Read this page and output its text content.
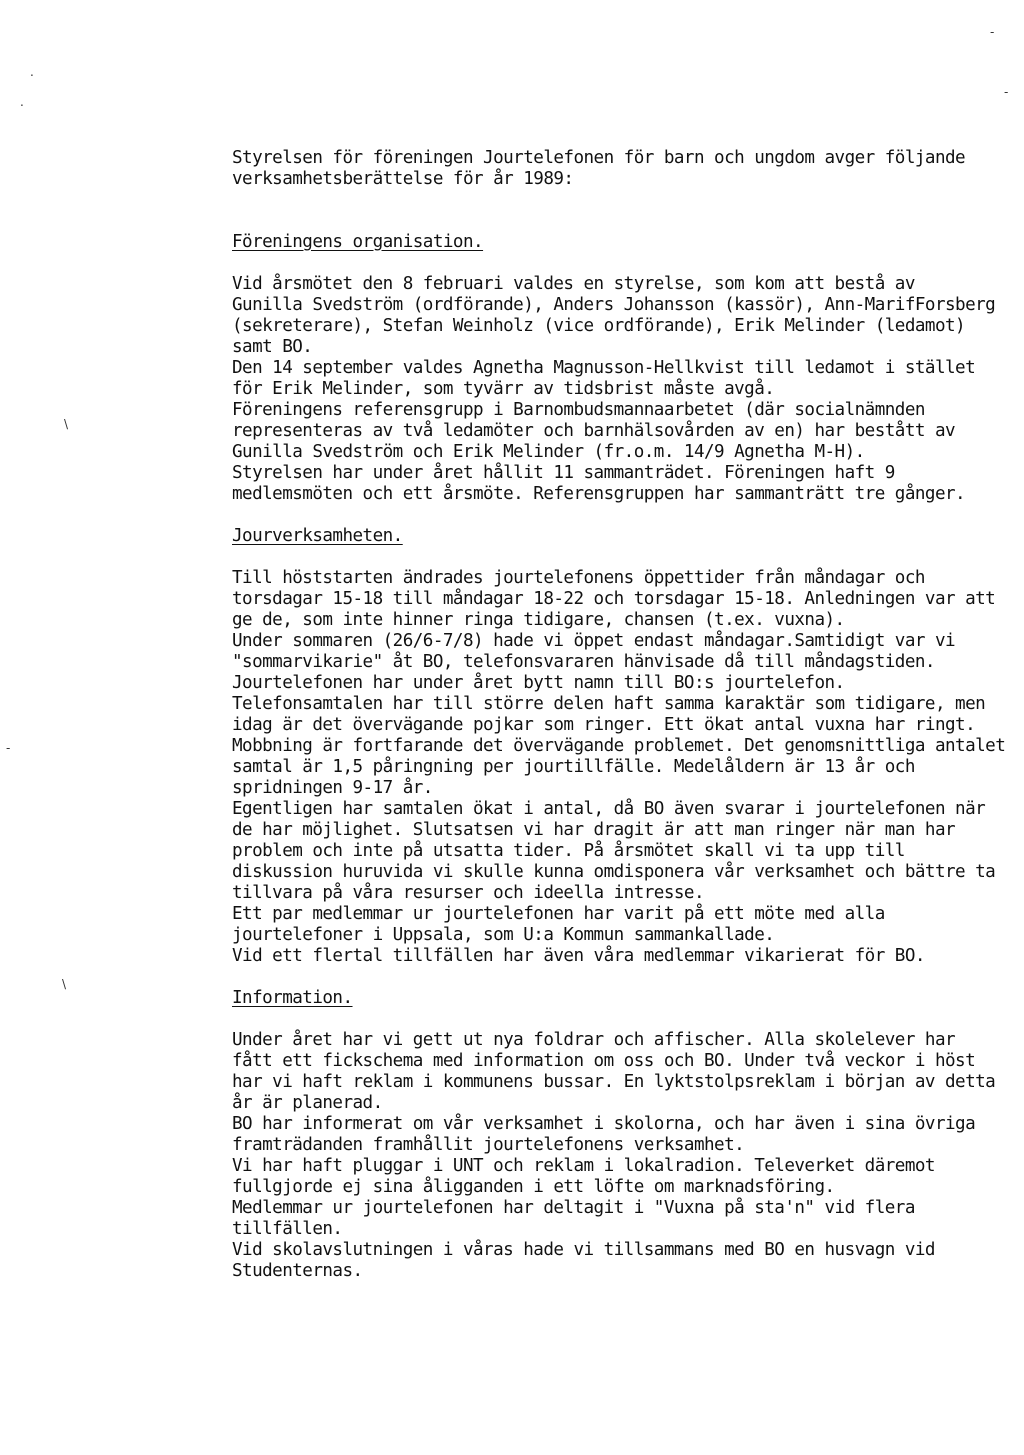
.
.
-
-
\
-
\

Styrelsen för föreningen Jourtelefonen för barn och ungdom avger följande
verksamhetsberättelse för år 1989:

Föreningens organisation.

Vid årsmötet den 8 februari valdes en styrelse, som kom att bestå av
Gunilla Svedström (ordförande), Anders Johansson (kassör), Ann-MarifForsberg (sekreterare), Stefan Weinholz (vice ordförande), Erik Melinder (ledamot) samt BO.

Den 14 september valdes Agnetha Magnusson-Hellkvist till ledamot i stället
för Erik Melinder, som tyvärr av tidsbrist måste avgå.

Föreningens referensgrupp i Barnombudsmannaarbetet (där socialnämnden representeras av två ledamöter och barnhälsovården av en) har bestått av
Gunilla Svedström och Erik Melinder (fr.o.m. 14/9 Agnetha M-H).

Styrelsen har under året hållit 11 sammanträdet. Föreningen haft 9 medlemsmöten och ett årsmöte. Referensgruppen har sammanträtt tre gånger.

Jourverksamheten.

Till höststarten ändrades jourtelefonens öppettider från måndagar och torsdagar 15-18 till måndagar 18-22 och torsdagar 15-18. Anledningen var att
ge de, som inte hinner ringa tidigare, chansen (t.ex. vuxna).

Under sommaren (26/6-7/8) hade vi öppet endast måndagar.Samtidigt var vi
"sommarvikarie" åt BO, telefonsvararen hänvisade då till måndagstiden.

Jourtelefonen har under året bytt namn till BO:s jourtelefon.

Telefonsamtalen har till större delen haft samma karaktär som tidigare, men
idag är det övervägande pojkar som ringer. Ett ökat antal vuxna har ringt.

Mobbning är fortfarande det övervägande problemet. Det genomsnittliga antalet samtal är 1,5 påringning per jourtillfälle. Medelåldern är 13 år och
spridningen 9-17 år.

Egentligen har samtalen ökat i antal, då BO även svarar i jourtelefonen när
de har möjlighet. Slutsatsen vi har dragit är att man ringer när man har
problem och inte på utsatta tider. På årsmötet skall vi ta upp till diskussion huruvida vi skulle kunna omdisponera vår verksamhet och bättre ta
tillvara på våra resurser och ideella intresse.

Ett par medlemmar ur jourtelefonen har varit på ett möte med alla jourtelefoner i Uppsala, som U:a Kommun sammankallade.

Vid ett flertal tillfällen har även våra medlemmar vikarierat för BO.

Information.

Under året har vi gett ut nya foldrar och affischer. Alla skolelever har
fått ett fickschema med information om oss och BO. Under två veckor i höst
har vi haft reklam i kommunens bussar. En lyktstolpsreklam i början av detta år är planerad.

BO har informerat om vår verksamhet i skolorna, och har även i sina övriga
framträdanden framhållit jourtelefonens verksamhet.

Vi har haft pluggar i UNT och reklam i lokalradion. Televerket däremot fullgjorde ej sina åligganden i ett löfte om marknadsföring.

Medlemmar ur jourtelefonen har deltagit i "Vuxna på sta'n" vid flera tillfällen.

Vid skolavslutningen i våras hade vi tillsammans med BO en husvagn vid
Studenternas.
